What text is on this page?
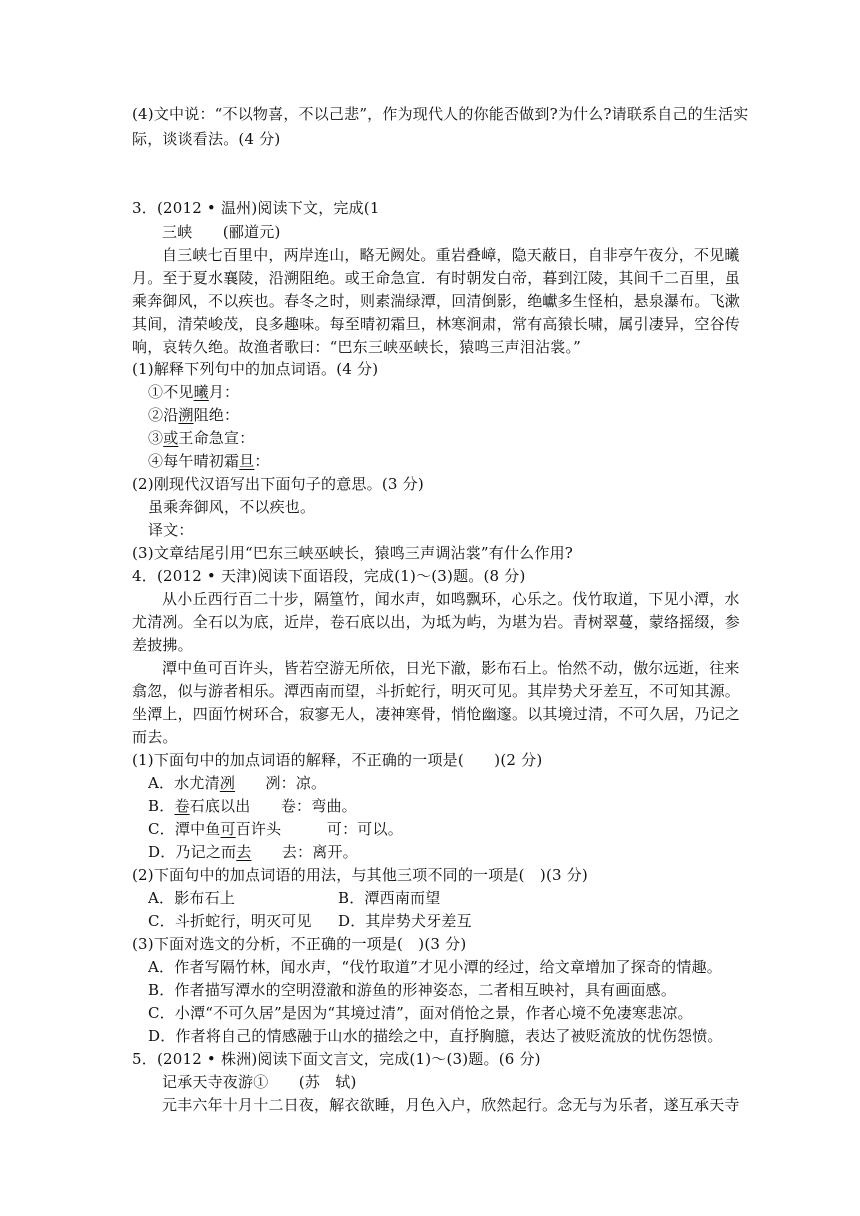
(4)文中说：“不以物喜，不以己悲”，作为现代人的你能否做到?为什么?请联系自己的生活实
际，谈谈看法。(4 分)
3．(2012 • 温州)阅读下文，完成(1
三峡　　(郦道元)
自三峡七百里中，两岸连山，略无阙处。重岩叠嶂，隐天蔽日，自非亭午夜分，不见曦
月。至于夏水襄陵，沿溯阻绝。或王命急宣．有时朝发白帝，暮到江陵，其间千二百里，虽
乘奔御风，不以疾也。春冬之时，则素湍绿潭，回清倒影，绝巘多生怪柏，悬泉瀑布。飞漱
其间，清荣峻茂，良多趣味。每至晴初霜旦，林寒涧肃，常有高猿长啸，属引凄异，空谷传
响，哀转久绝。故渔者歌曰：“巴东三峡巫峡长，猿鸣三声泪沾裳。”
(1)解释下列句中的加点词语。(4 分)
①不见曦月：
②沿溯阻绝：
③或王命急宣：
④每午晴初霜旦：
(2)刚现代汉语写出下面句子的意思。(3 分)
虽乘奔御风，不以疾也。
译文：
(3)文章结尾引用“巴东三峡巫峡长，猿鸣三声调沾裳”有什么作用?
4．(2012 • 天津)阅读下面语段，完成(1)～(3)题。(8 分)
从小丘西行百二十步，隔篁竹，闻水声，如鸣飘环，心乐之。伐竹取道，下见小潭，水
尤清冽。全石以为底，近岸，卷石底以出，为坻为屿，为堪为岩。青树翠蔓，蒙络摇缀，参
差披拂。
潭中鱼可百许头，皆若空游无所依，日光下澈，影布石上。怡然不动，傲尔远逝，往来
翕忽，似与游者相乐。潭西南而望，斗折蛇行，明灭可见。其岸势犬牙差互，不可知其源。
坐潭上，四面竹树环合，寂寥无人，凄神寒骨，悄怆幽邃。以其境过清，不可久居，乃记之
而去。
(1)下面句中的加点词语的解释，不正确的一项是(　　)(2 分)
A．水尤清冽　　冽：凉。
B．卷石底以出　　卷：弯曲。
C．潭中鱼可百许头　　　可：可以。
D．乃记之而去　　去：离开。
(2)下面句中的加点词语的用法，与其他三项不同的一项是(　)(3 分)
A．影布石上	B．潭西南而望
C．斗折蛇行，明灭可见	D．其岸势犬牙差互
(3)下面对选文的分析，不正确的一项是(　)(3 分)
A．作者写隔竹林，闻水声，“伐竹取道”才见小潭的经过，给文章增加了探奇的情趣。
B．作者描写潭水的空明澄澈和游鱼的形神姿态，二者相互映衬，具有画面感。
C．小潭“不可久居”是因为“其境过清”，面对俏怆之景，作者心境不免凄寒悲凉。
D．作者将自己的情感融于山水的描绘之中，直抒胸臆，表达了被贬流放的忧伤怨愤。
5．(2012 • 株洲)阅读下面文言文，完成(1)～(3)题。(6 分)
记承天寺夜游①　　(苏　轼)
元丰六年十月十二日夜，解衣欲睡，月色入户，欣然起行。念无与为乐者，遂互承天寺
